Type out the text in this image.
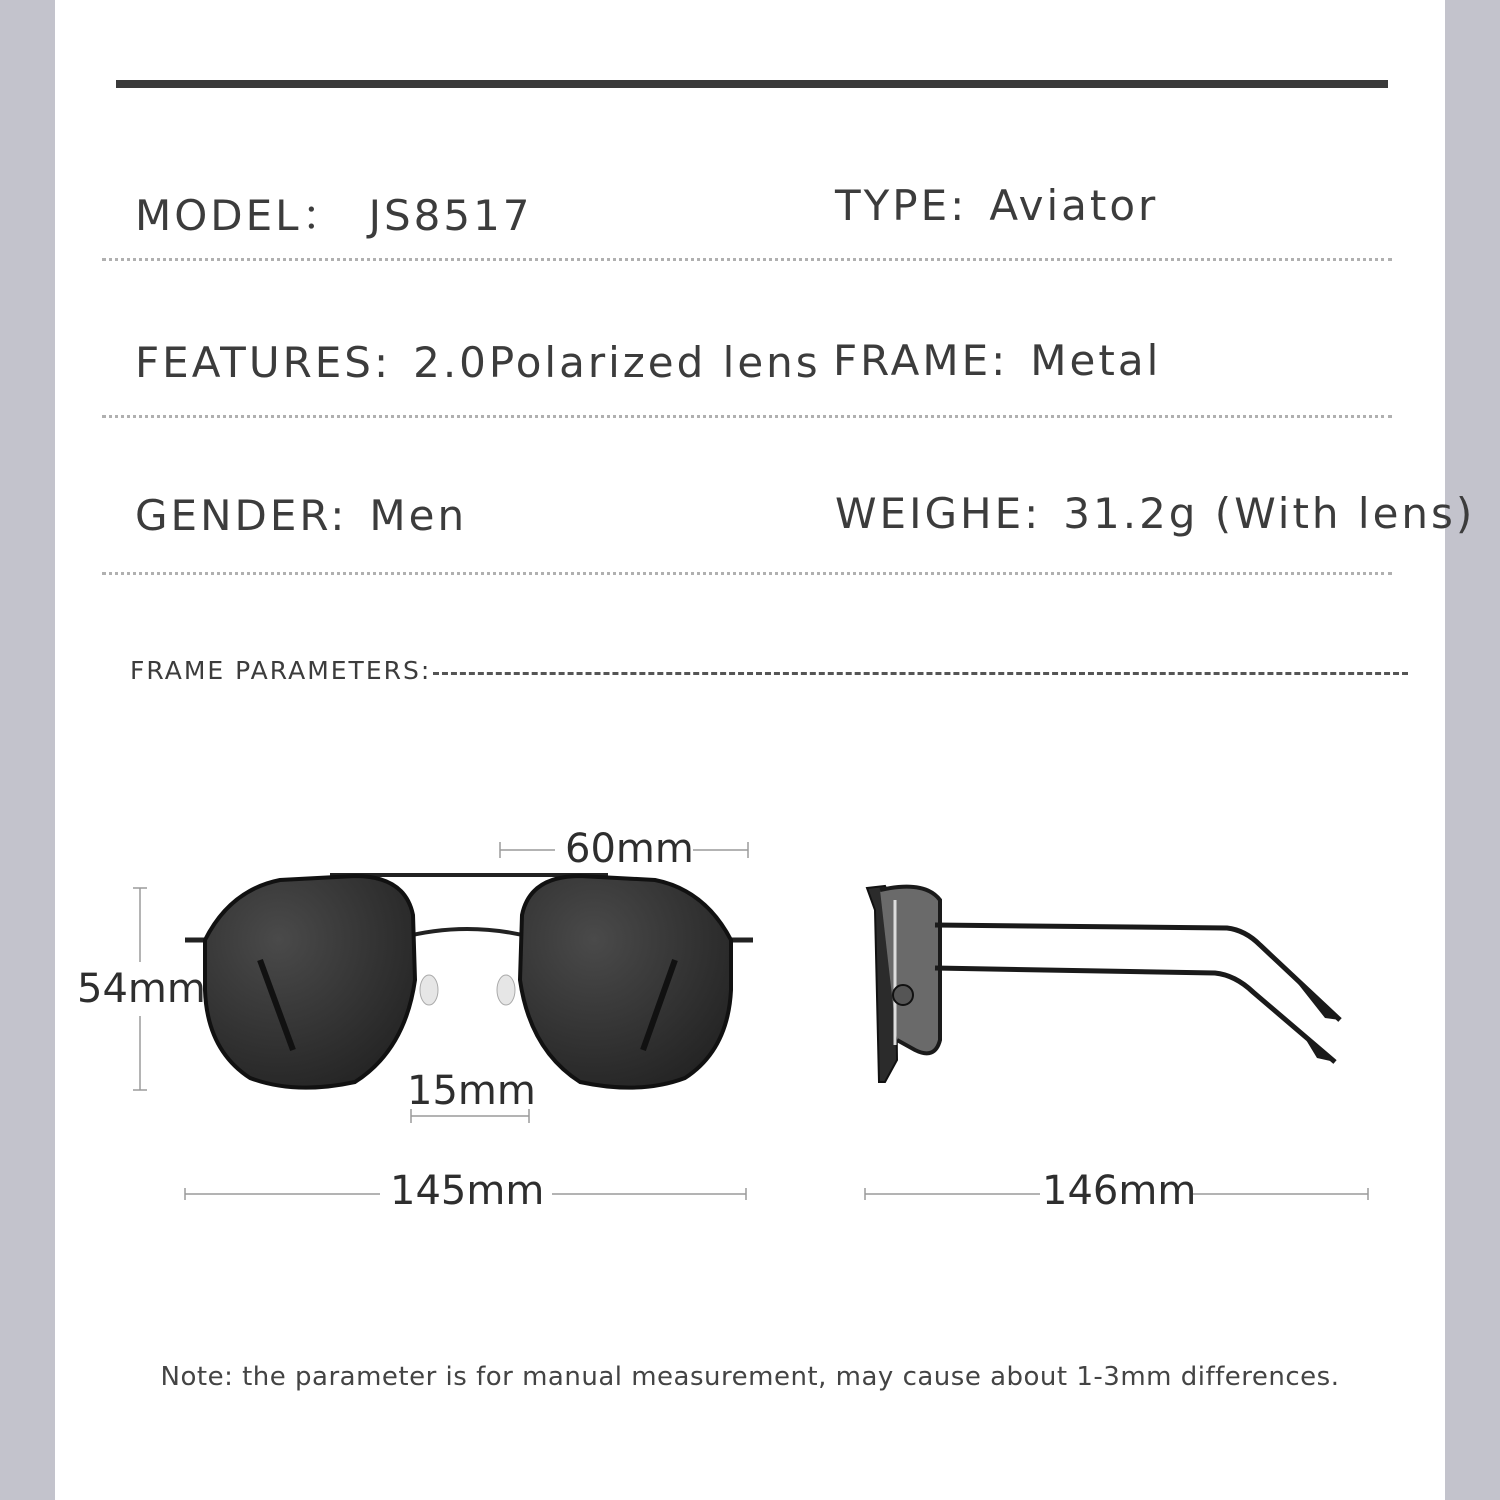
MODEL： JS8517	TYPE: Aviator
FEATURES: 2.0Polarized lens FRAME: Metal
GENDER: Men	WEIGHE: 31.2g (With lens)
FRAME PARAMETERS:
60mm
54mm
15mm
145mm	146mm
Note: the parameter is for manual measurement, may cause about 1-3mm differences.
